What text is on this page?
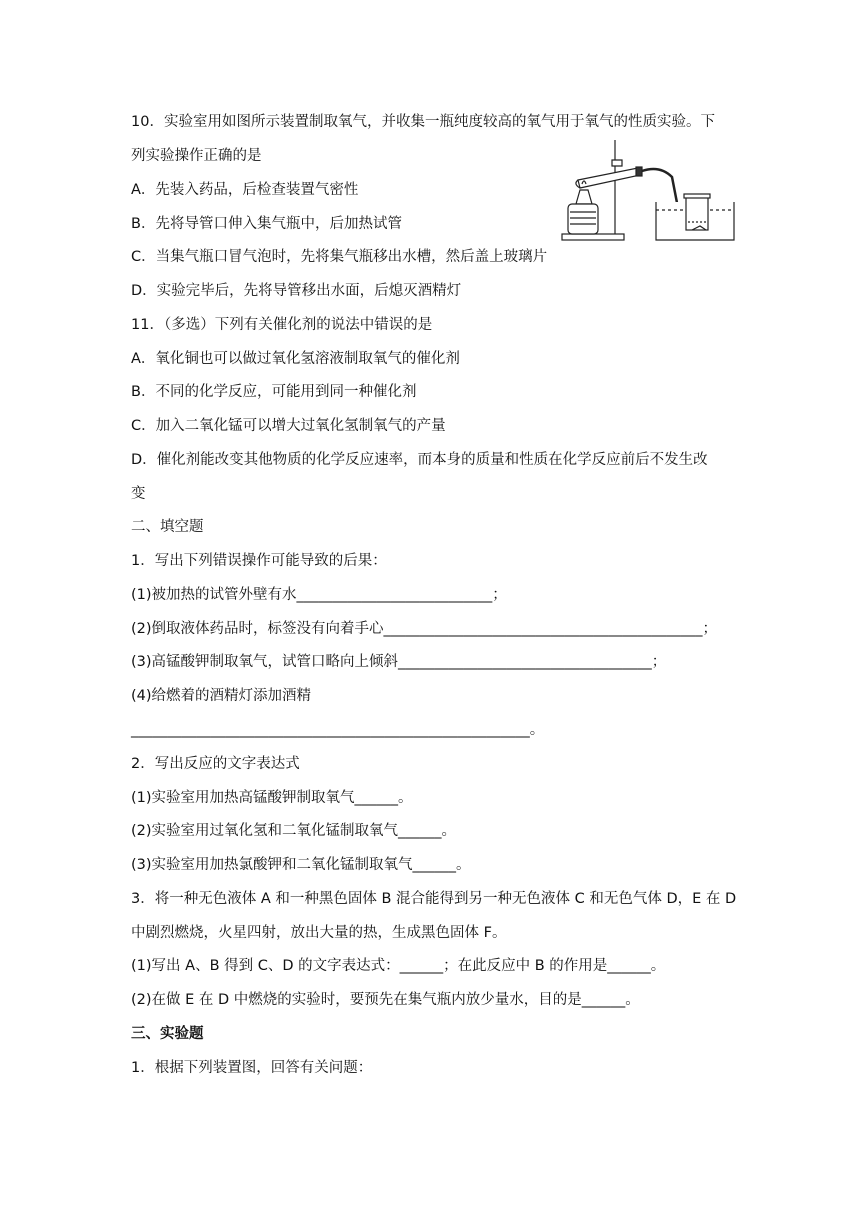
10．实验室用如图所示装置制取氧气，并收集一瓶纯度较高的氧气用于氧气的性质实验。下
列实验操作正确的是
A．先装入药品，后检查装置气密性
B．先将导管口伸入集气瓶中，后加热试管
C．当集气瓶口冒气泡时，先将集气瓶移出水槽，然后盖上玻璃片
D．实验完毕后，先将导管移出水面，后熄灭酒精灯
11．（多选）下列有关催化剂的说法中错误的是
A．氧化铜也可以做过氧化氢溶液制取氧气的催化剂
B．不同的化学反应，可能用到同一种催化剂
C．加入二氧化锰可以增大过氧化氢制氧气的产量
D．催化剂能改变其他物质的化学反应速率，而本身的质量和性质在化学反应前后不发生改
变
二、填空题
1．写出下列错误操作可能导致的后果：
(1)被加热的试管外壁有水___________________________；
(2)倒取液体药品时，标签没有向着手心____________________________________________；
(3)高锰酸钾制取氧气，试管口略向上倾斜___________________________________；
(4)给燃着的酒精灯添加酒精
_______________________________________________________。
2．写出反应的文字表达式
(1)实验室用加热高锰酸钾制取氧气______。
(2)实验室用过氧化氢和二氧化锰制取氧气______。
(3)实验室用加热氯酸钾和二氧化锰制取氧气______。
3．将一种无色液体 A 和一种黑色固体 B 混合能得到另一种无色液体 C 和无色气体 D，E 在 D
中剧烈燃烧，火星四射，放出大量的热，生成黑色固体 F。
(1)写出 A、B 得到 C、D 的文字表达式：______；在此反应中 B 的作用是______。
(2)在做 E 在 D 中燃烧的实验时，要预先在集气瓶内放少量水，目的是______。
三、实验题
1．根据下列装置图，回答有关问题：
